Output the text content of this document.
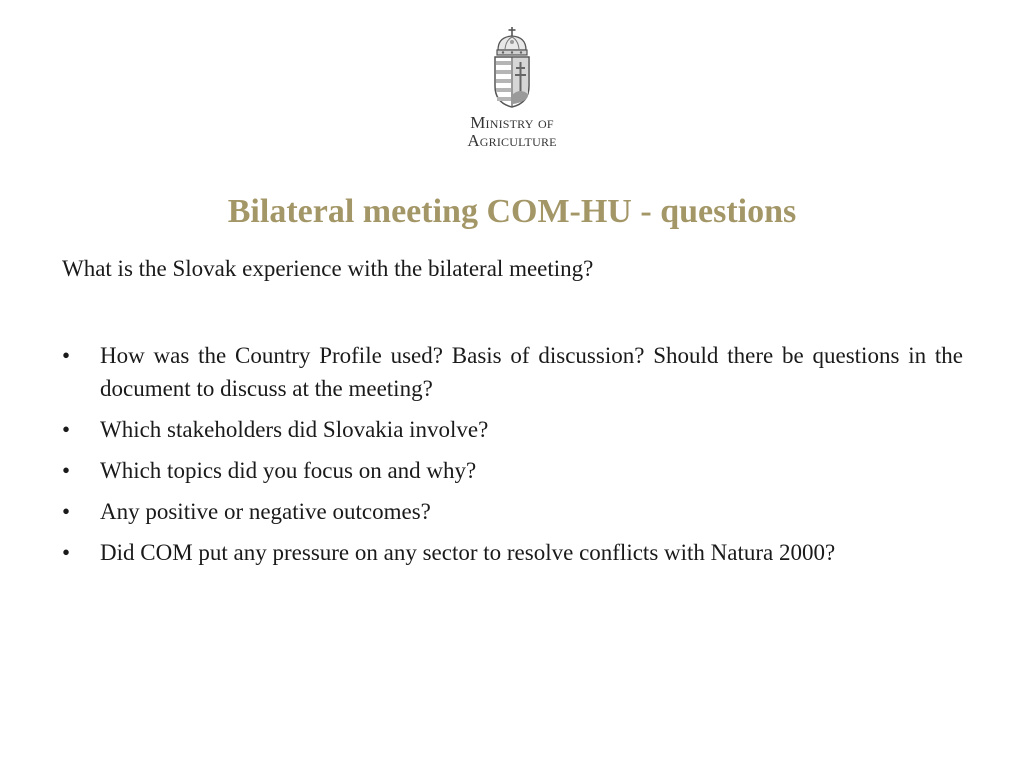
Ministry of
Agriculture
Bilateral meeting COM-HU - questions
What is the Slovak experience with the bilateral meeting?
• How was the Country Profile used? Basis of discussion? Should there be questions in the document to discuss at the meeting?
• Which stakeholders did Slovakia involve?
• Which topics did you focus on and why?
• Any positive or negative outcomes?
• Did COM put any pressure on any sector to resolve conflicts with Natura 2000?
